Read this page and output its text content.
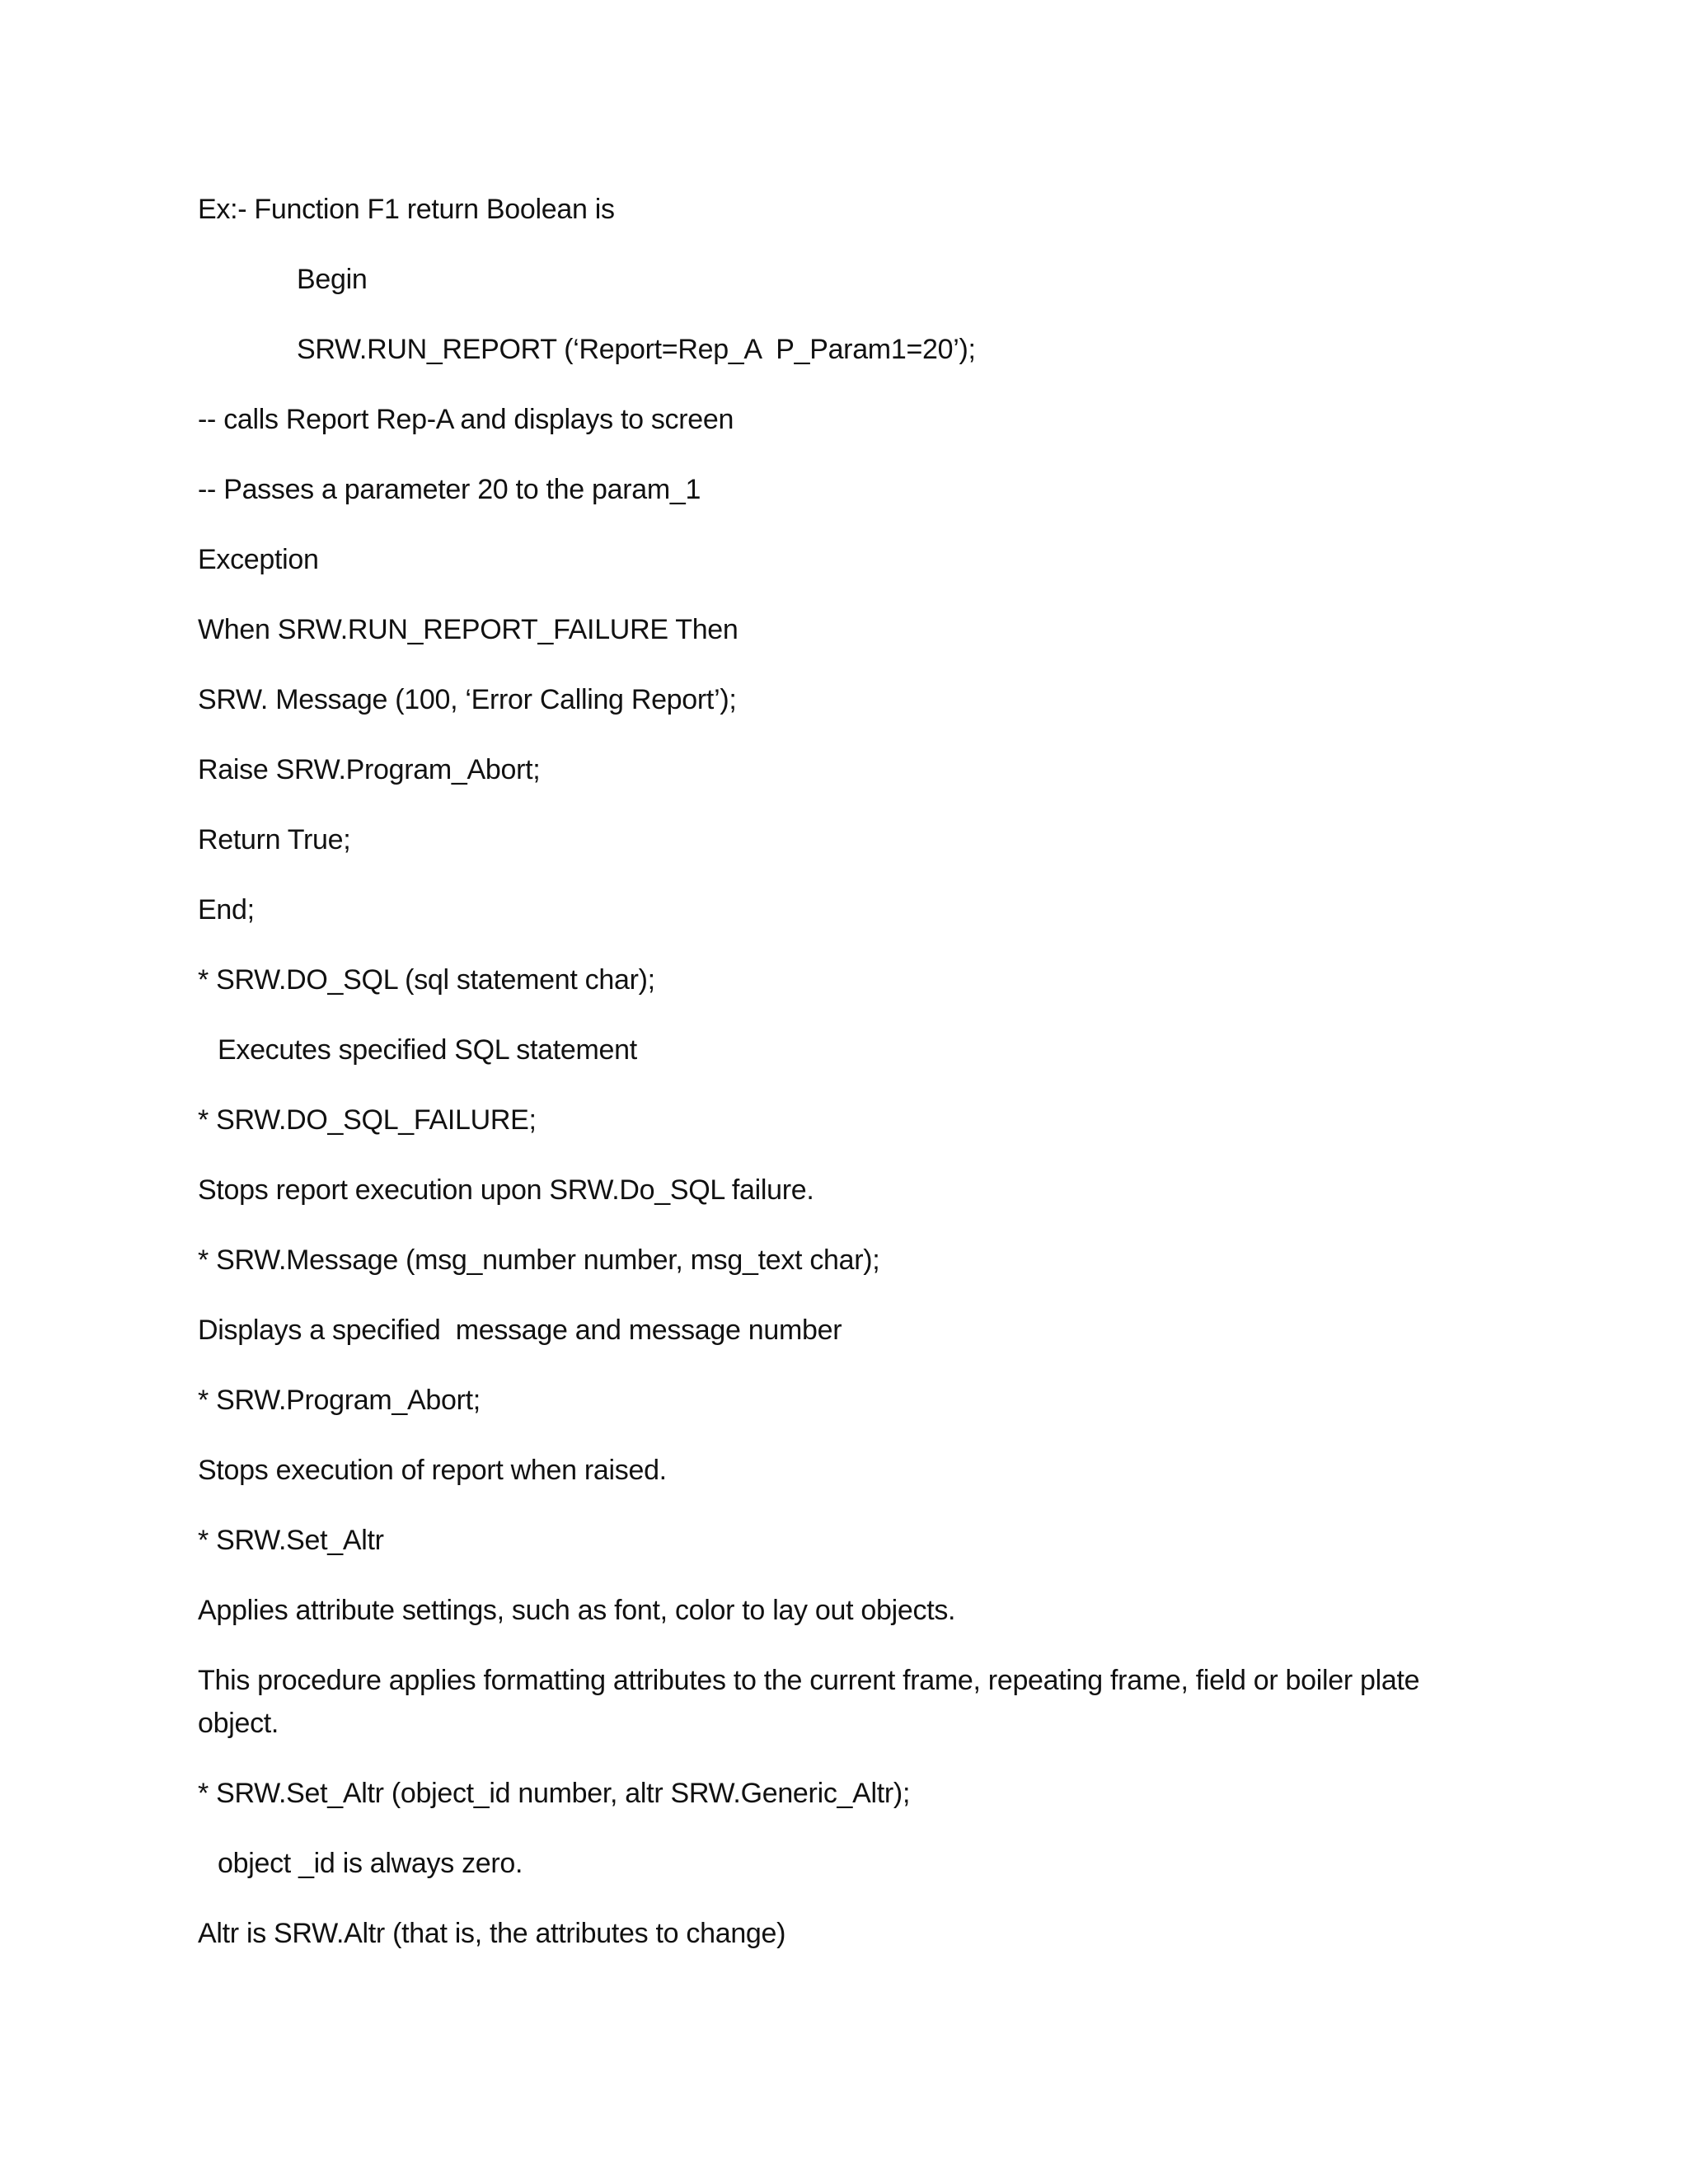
Ex:- Function F1 return Boolean is
Begin
SRW.RUN_REPORT (‘Report=Rep_A  P_Param1=20’);
-- calls Report Rep-A and displays to screen
-- Passes a parameter 20 to the param_1
Exception
When SRW.RUN_REPORT_FAILURE Then
SRW. Message (100, ‘Error Calling Report’);
Raise SRW.Program_Abort;
Return True;
End;
* SRW.DO_SQL (sql statement char);
Executes specified SQL statement
* SRW.DO_SQL_FAILURE;
Stops report execution upon SRW.Do_SQL failure.
* SRW.Message (msg_number number, msg_text char);
Displays a specified  message and message number
* SRW.Program_Abort;
Stops execution of report when raised.
* SRW.Set_Altr
Applies attribute settings, such as font, color to lay out objects.
This procedure applies formatting attributes to the current frame, repeating frame, field or boiler plate object.
* SRW.Set_Altr (object_id number, altr SRW.Generic_Altr);
object _id is always zero.
Altr is SRW.Altr (that is, the attributes to change)
